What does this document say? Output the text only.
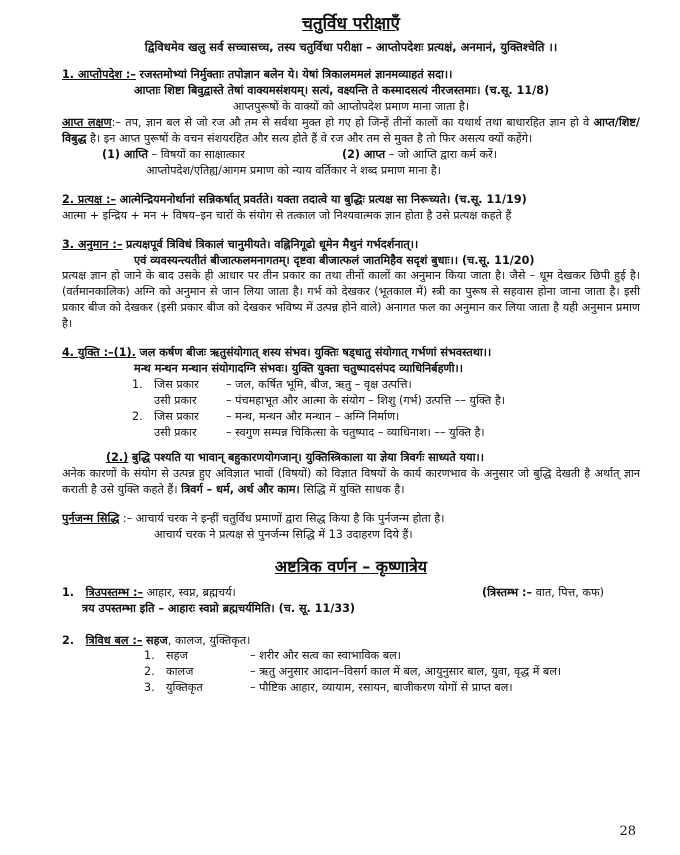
चतुर्विध परीक्षाऍं
द्विविधमेव खलु सर्व सच्चासच्च, तस्य चतुर्विधा परीक्षा – आप्तोपदेशः प्रत्यक्षं, अनमानं, युक्तिश्चेति ।।
1. आप्तोपदेश :– रजस्तमोभ्यां निर्मुक्ताः तपोज्ञान बलेन ये। येषां त्रिकालममलं ज्ञानमव्याहतं सदा।।
आप्ताः शिष्टा बिवुद्वास्ते तेषां वाक्यमसंशयम्। सत्यं, वक्ष्यन्ति ते कस्मादसत्यं नीरजस्तमाः। (च.सू. 11/8)
आप्तपुरूषों के वाक्यों को आप्तोपदेश प्रमाण माना जाता है।
आप्त लक्षण:– तप, ज्ञान बल से जो रज औ तम से सर्वथा मुक्त हो गए हो जिन्हें तीनों कालों का यथार्थ तथा बाधारहित ज्ञान हो वे आप्त/शिष्ट/विबुद्ध है। इन आप्त पुरूषों के वचन संशयरहित और सत्य होते हैं वे रज और तम से मुक्त है तो फिर असत्य क्यों कहेंगे।
(1) आप्ति – विषयों का साक्षात्कार	(2) आप्त – जो आप्ति द्वारा कर्म करें।
आप्तोपदेश/एतिह्य/आगम प्रमाण को न्याय वर्तिकार ने शब्द प्रमाण माना है।
2. प्रत्यक्ष :– आत्मेन्द्रियमनोर्थानां सन्निकर्षात् प्रवर्तते। यक्ता तदात्वे या बुद्धिः प्रत्यक्ष सा निरूच्यते। (च.सू. 11/19)
आत्मा + इन्द्रिय + मन + विषय–इन चारों के संयोग से तत्काल जो निश्यवात्मक ज्ञान होता है उसे प्रत्यक्ष कहते हैं
3. अनुमान :– प्रत्यक्षपूर्व त्रिविधं त्रिकालं चानुमीयते। वह्निनिगूढो धूमेन मैथुनं गर्भदर्शनात्।।
एवं व्यवस्यन्त्यतीतं बीजात्फलमनागतम्। दृष्टवा बीजात्फलं जातमिहैव सदृशं बुधाः।। (च.सू. 11/20)
प्रत्यक्ष ज्ञान हो जाने के बाद उसके ही आधार पर तीन प्रकार का तथा तीनों कालों का अनुमान किया जाता है। जैसे – धूम देखकर छिपी हुई है। (वर्तमानकालिक) अग्नि को अनुमान से जान लिया जाता है। गर्भ को देखकर (भूतकाल में) स्त्री का पुरूष से सहवास होना जाना जाता है। इसी प्रकार बीज को देखकर (इसी प्रकार बीज को देखकर भविष्य में उत्पन्न होने वाले) अनागत फल का अनुमान कर लिया जाता है यही अनुमान प्रमाण है।
4. युक्ति :–(1). जल कर्षण बीजः ऋतुसंयोगात् शस्य संभव। युक्तिः षड्धातु संयोगात् गर्भणां संभवस्तथा।।
मन्थ मन्थन मन्थान संयोगादग्नि संभवः। युक्ति युक्ता चतुष्पादसंपद व्याधिनिर्बहणी।।
1. जिस प्रकार – जल, कर्षित भूमि, बीज, ऋतु – वृक्ष उत्पत्ति।
उसी प्रकार	– पंचमहाभूत और आत्मा के संयोग – शिशु (गर्भ) उत्पत्ति –– युक्ति है।
2. जिस प्रकार – मन्थ, मन्थन और मन्थान – अग्नि निर्माण।
उसी प्रकार	– स्वगुण सम्पन्न चिकित्सा के चतुष्पाद – व्याधिनाश। –– युक्ति है।
(2.) बुद्धि पश्यति या भावान् बहुकारणयोगजान्। युक्तिस्त्रिकाला या ज्ञेया त्रिवर्गः साध्यते यया।।
अनेक कारणों के संयोग से उत्पन्न हुए अविज्ञात भावों (विषयों) को विज्ञात विषयों के कार्य कारणभाव के अनुसार जो बुद्धि देखती है अर्थात् ज्ञान कराती है उसे युक्ति कहते हैं। त्रिवर्ग – धर्म, अर्थ और काम। सिद्धि में युक्ति साधक है।
पुर्नजन्म सिद्धि :– आचार्य चरक ने इन्हीं चतुर्विध प्रमाणों द्वारा सिद्ध किया है कि पुर्नजन्म होता है।
आचार्य चरक ने प्रत्यक्ष से पुनर्जन्म सिद्धि में 13 उदाहरण दिये हैं।
अष्टत्रिक वर्णन – कृष्णात्रेय
1. त्रिउपस्तम्भ :– आहार, स्वप्न, ब्रह्मचर्य।	(त्रिस्तम्भ :– वात, पित्त, कफ)
त्रय उपस्तम्भा इति – आहारः स्वप्नो ब्रह्मचर्यमिति। (च. सू. 11/33)
2. त्रिविध बल :– सहज, कालज, युक्तिकृत।
1. सहज	– शरीर और सत्व का स्वाभाविक बल।
2. कालज	– ऋतु अनुसार आदान–विसर्ग काल में बल, आयुनुसार बाल, युवा, वृद्ध में बल।
3. युक्तिकृत	– पौष्टिक आहार, व्यायाम, रसायन, बाजीकरण योगों से प्राप्त बल।
28
